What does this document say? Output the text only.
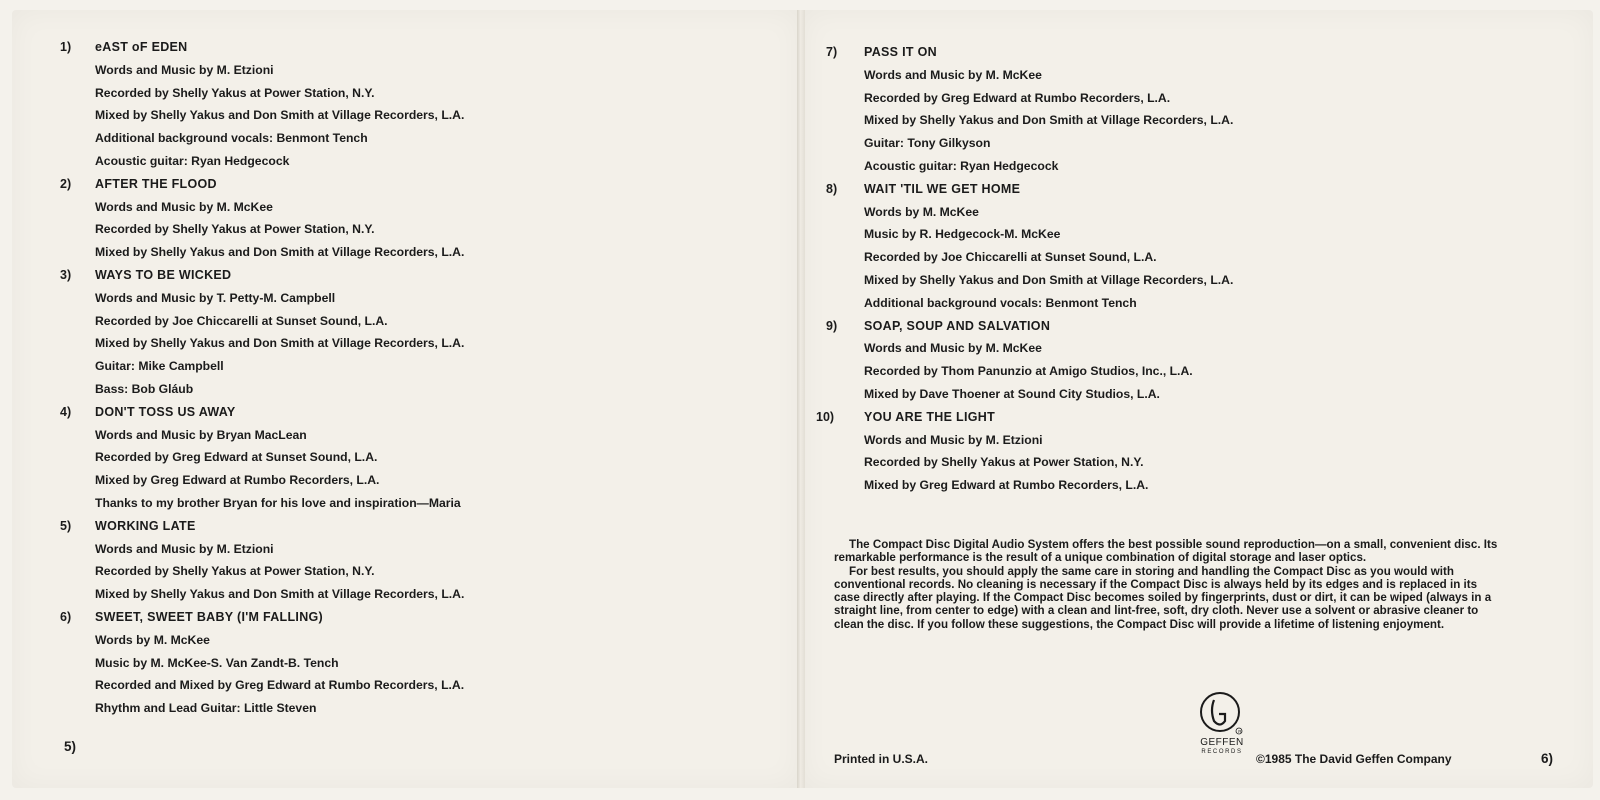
1)	eAST oF EDEN
Words and Music by M. Etzioni
Recorded by Shelly Yakus at Power Station, N.Y.
Mixed by Shelly Yakus and Don Smith at Village Recorders, L.A.
Additional background vocals: Benmont Tench
Acoustic guitar: Ryan Hedgecock
2)	AFTER THE FLOOD
Words and Music by M. McKee
Recorded by Shelly Yakus at Power Station, N.Y.
Mixed by Shelly Yakus and Don Smith at Village Recorders, L.A.
3)	WAYS TO BE WICKED
Words and Music by T. Petty-M. Campbell
Recorded by Joe Chiccarelli at Sunset Sound, L.A.
Mixed by Shelly Yakus and Don Smith at Village Recorders, L.A.
Guitar: Mike Campbell
Bass: Bob Gláub
4)	DON'T TOSS US AWAY
Words and Music by Bryan MacLean
Recorded by Greg Edward at Sunset Sound, L.A.
Mixed by Greg Edward at Rumbo Recorders, L.A.
Thanks to my brother Bryan for his love and inspiration—Maria
5)	WORKING LATE
Words and Music by M. Etzioni
Recorded by Shelly Yakus at Power Station, N.Y.
Mixed by Shelly Yakus and Don Smith at Village Recorders, L.A.
6)	SWEET, SWEET BABY (I'M FALLING)
Words by M. McKee
Music by M. McKee-S. Van Zandt-B. Tench
Recorded and Mixed by Greg Edward at Rumbo Recorders, L.A.
Rhythm and Lead Guitar: Little Steven
7)	PASS IT ON
Words and Music by M. McKee
Recorded by Greg Edward at Rumbo Recorders, L.A.
Mixed by Shelly Yakus and Don Smith at Village Recorders, L.A.
Guitar: Tony Gilkyson
Acoustic guitar: Ryan Hedgecock
8)	WAIT 'TIL WE GET HOME
Words by M. McKee
Music by R. Hedgecock-M. McKee
Recorded by Joe Chiccarelli at Sunset Sound, L.A.
Mixed by Shelly Yakus and Don Smith at Village Recorders, L.A.
Additional background vocals: Benmont Tench
9)	SOAP, SOUP AND SALVATION
Words and Music by M. McKee
Recorded by Thom Panunzio at Amigo Studios, Inc., L.A.
Mixed by Dave Thoener at Sound City Studios, L.A.
10)	YOU ARE THE LIGHT
Words and Music by M. Etzioni
Recorded by Shelly Yakus at Power Station, N.Y.
Mixed by Greg Edward at Rumbo Recorders, L.A.

The Compact Disc Digital Audio System offers the best possible sound reproduction—on a small, convenient disc. Its remarkable performance is the result of a unique combination of digital storage and laser optics.

For best results, you should apply the same care in storing and handling the Compact Disc as you would with conventional records. No cleaning is necessary if the Compact Disc is always held by its edges and is replaced in its case directly after playing. If the Compact Disc becomes soiled by fingerprints, dust or dirt, it can be wiped (always in a straight line, from center to edge) with a clean and lint-free, soft, dry cloth. Never use a solvent or abrasive cleaner to clean the disc. If you follow these suggestions, the Compact Disc will provide a lifetime of listening enjoyment.

5)
6)
Printed in U.S.A.
R
GEFFEN
RECORDS	©1985 The David Geffen Company
